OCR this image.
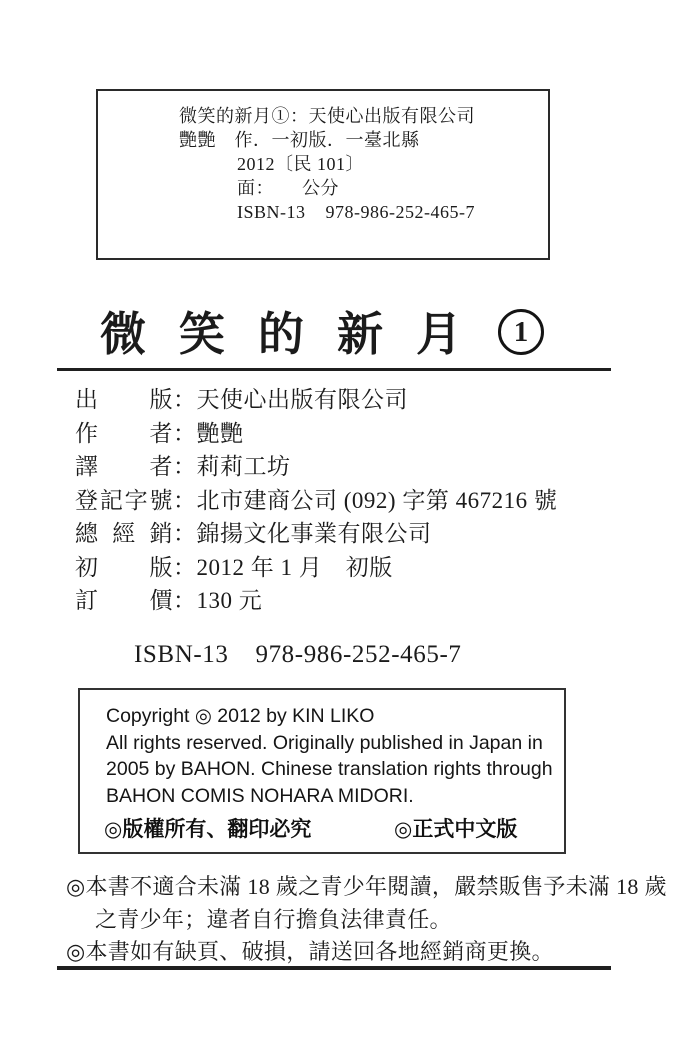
微笑的新月①：天使心出版有限公司
艷艷　作．一初版．一臺北縣
2012〔民 101〕
面：　　公分
ISBN-13    978-986-252-465-7
微笑的新月 1
出 版 ： 天使心出版有限公司
作 者 ： 艷艷
譯 者 ： 莉莉工坊
登 記 字 號 ： 北市建商公司 (092) 字第 467216 號
總 經 銷 ： 錦揚文化事業有限公司
初 版 ： 2012 年 1 月　初版
訂 價 ： 130 元
ISBN-13 978-986-252-465-7
Copyright ◎ 2012 by KIN LIKO
All rights reserved. Originally published in Japan in
2005 by BAHON. Chinese translation rights through
BAHON COMIS NOHARA MIDORI.
◎版權所有、翻印必究	◎正式中文版
◎本書不適合未滿 18 歲之青少年閱讀，嚴禁販售予未滿 18 歲
之青少年；違者自行擔負法律責任。
◎本書如有缺頁、破損，請送回各地經銷商更換。
